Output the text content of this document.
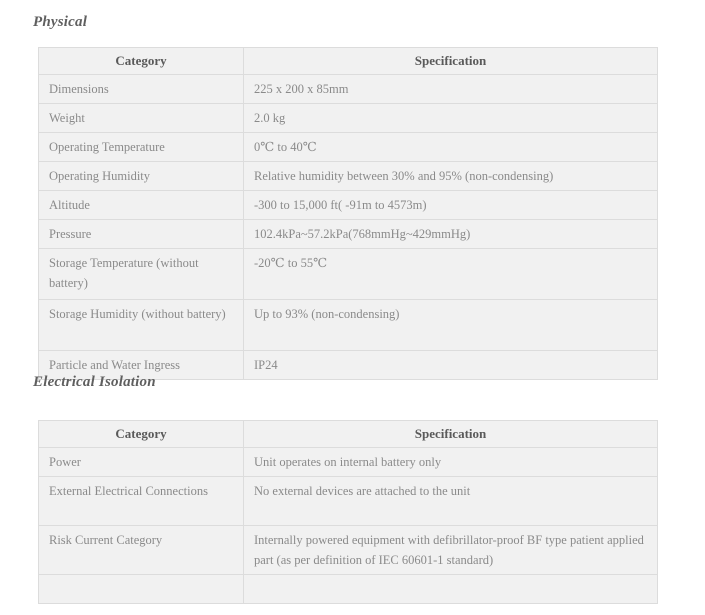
Physical
Category	Specification
Dimensions	225 x 200 x 85mm
Weight	2.0 kg
Operating Temperature	0℃ to 40℃
Operating Humidity	Relative humidity between 30% and 95% (non-condensing)
Altitude	-300 to 15,000 ft( -91m to 4573m)
Pressure	102.4kPa~57.2kPa(768mmHg~429mmHg)
Storage Temperature (without battery)	-20℃ to 55℃
Storage Humidity (without battery)	Up to 93% (non-condensing)
Particle and Water Ingress	IP24
Electrical Isolation
Category	Specification
Power	Unit operates on internal battery only
External Electrical Connections	No external devices are attached to the unit
Risk Current Category	Internally powered equipment with defibrillator-proof BF type patient applied part (as per definition of IEC 60601-1 standard)
